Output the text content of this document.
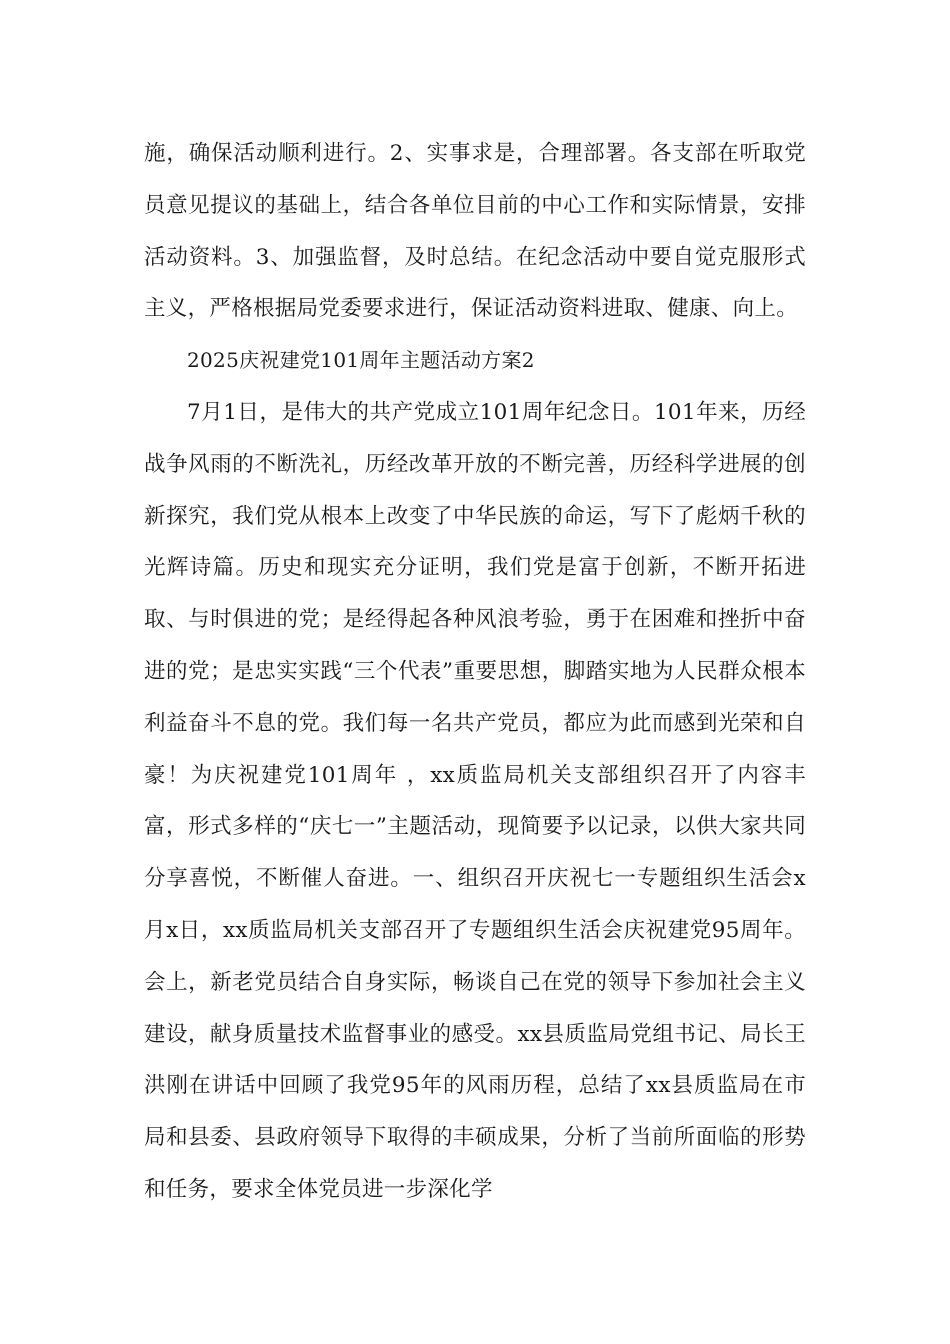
施，确保活动顺利进行。2、实事求是，合理部署。各支部在听取党员意见提议的基础上，结合各单位目前的中心工作和实际情景，安排活动资料。3、加强监督，及时总结。在纪念活动中要自觉克服形式主义，严格根据局党委要求进行，保证活动资料进取、健康、向上。

2025庆祝建党101周年主题活动方案2

7月1日，是伟大的共产党成立101周年纪念日。101年来，历经战争风雨的不断洗礼，历经改革开放的不断完善，历经科学进展的创新探究，我们党从根本上改变了中华民族的命运，写下了彪炳千秋的光辉诗篇。历史和现实充分证明，我们党是富于创新，不断开拓进取、与时俱进的党；是经得起各种风浪考验，勇于在困难和挫折中奋进的党；是忠实实践“三个代表”重要思想，脚踏实地为人民群众根本利益奋斗不息的党。我们每一名共产党员，都应为此而感到光荣和自豪！为庆祝建党101周年 ，xx质监局机关支部组织召开了内容丰富，形式多样的“庆七一”主题活动，现简要予以记录，以供大家共同分享喜悦，不断催人奋进。一、组织召开庆祝七一专题组织生活会x月x日，xx质监局机关支部召开了专题组织生活会庆祝建党95周年。会上，新老党员结合自身实际，畅谈自己在党的领导下参加社会主义建设，献身质量技术监督事业的感受。xx县质监局党组书记、局长王洪刚在讲话中回顾了我党95年的风雨历程，总结了xx县质监局在市局和县委、县政府领导下取得的丰硕成果，分析了当前所面临的形势和任务，要求全体党员进一步深化学
